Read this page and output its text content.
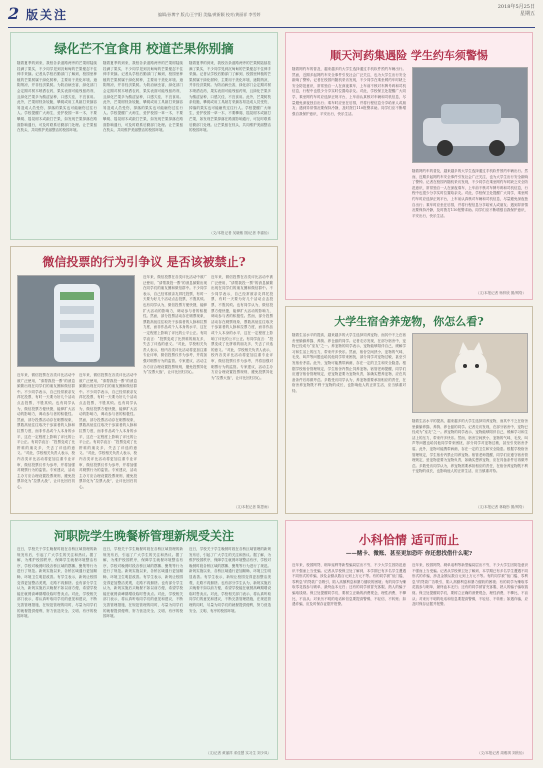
2 版关注	编辑/孙博宇 版式/王宇阳 美编/黄新颖 校对/黄丽祥 李雪婷
2018年5月25日
星期五
绿化芒不宜食用 校道芒果你别摘
随着夏季的到来，我校各条道路两旁的芒果树陆续挂满了果实，不少同学见到沉甸甸的芒果便忍不住伸手采摘。记者从学校后勤部门了解到，校园里种植的芒果树属于绿化树种，主要用于美化环境、遮阴纳凉，并非经济果树。为防治病虫害，绿化部门会定期对树木喷洒农药，果实表面可能残留药剂，且绿化芒果多为酸涩品种，口感欠佳，不宜食用。此外，芒果树枝条较脆，攀爬或用工具敲打采摘容易造成人员受伤，掉落的果实也可能砸伤过往行人。学校提醒广大师生，爱护校园一草一木，不要攀爬、摇晃树木或敲打芒果，如发现芒果掉落在路面影响通行，可及时联系后勤部门处理。让芒果留在枝头，共同维护美丽整洁的校园环境。
随着夏季的到来，我校各条道路两旁的芒果树陆续挂满了果实，不少同学见到沉甸甸的芒果便忍不住伸手采摘。记者从学校后勤部门了解到，校园里种植的芒果树属于绿化树种，主要用于美化环境、遮阴纳凉，并非经济果树。为防治病虫害，绿化部门会定期对树木喷洒农药，果实表面可能残留药剂，且绿化芒果多为酸涩品种，口感欠佳，不宜食用。此外，芒果树枝条较脆，攀爬或用工具敲打采摘容易造成人员受伤，掉落的果实也可能砸伤过往行人。学校提醒广大师生，爱护校园一草一木，不要攀爬、摇晃树木或敲打芒果，如发现芒果掉落在路面影响通行，可及时联系后勤部门处理。让芒果留在枝头，共同维护美丽整洁的校园环境。
随着夏季的到来，我校各条道路两旁的芒果树陆续挂满了果实，不少同学见到沉甸甸的芒果便忍不住伸手采摘。记者从学校后勤部门了解到，校园里种植的芒果树属于绿化树种，主要用于美化环境、遮阴纳凉，并非经济果树。为防治病虫害，绿化部门会定期对树木喷洒农药，果实表面可能残留药剂，且绿化芒果多为酸涩品种，口感欠佳，不宜食用。此外，芒果树枝条较脆，攀爬或用工具敲打采摘容易造成人员受伤，掉落的果实也可能砸伤过往行人。学校提醒广大师生，爱护校园一草一木，不要攀爬、摇晃树木或敲打芒果，如发现芒果掉落在路面影响通行，可及时联系后勤部门处理。让芒果留在枝头，共同维护美丽整洁的校园环境。
（文/本报记者 吴晓敏 图/记者 李嘉怡）
顺天河药集遇险 学生约车须警惕
随着网约车的普及，越来越多的大学生选择通过手机软件预约车辆出行。然而，近期多起网约车安全事件引发社会广泛关注，也为大学生出行安全敲响了警钟。记者在校园内随机采访发现，不少同学在乘坐网约车时缺乏安全防范意识，常常独自一人在深夜乘车，上车前不核对车牌号码和司机信息，行程中也很少分享实时位置给亲友。对此，学校保卫处提醒广大同学，乘坐网约车时应选择正规平台，上车前认真核对车辆和司机信息，尽量避免深夜独自出行；乘车时应坐在后排，并将行程信息分享给家人或朋友；遇到异常情况要保持冷静，及时拨打110报警求助。同学们应不断增强自我保护意识，平安出行，快乐生活。
随着网约车的普及，越来越多的大学生选择通过手机软件预约车辆出行。然而，近期多起网约车安全事件引发社会广泛关注，也为大学生出行安全敲响了警钟。记者在校园内随机采访发现，不少同学在乘坐网约车时缺乏安全防范意识，常常独自一人在深夜乘车，上车前不核对车牌号码和司机信息，行程中也很少分享实时位置给亲友。对此，学校保卫处提醒广大同学，乘坐网约车时应选择正规平台，上车前认真核对车辆和司机信息，尽量避免深夜独自出行；乘车时应坐在后排，并将行程信息分享给家人或朋友；遇到异常情况要保持冷静，及时拨打110报警求助。同学们应不断增强自我保护意识，平安出行，快乐生活。
（文/本报记者 杨梓欣 图/网络）
微信投票的行为引争议 是否该被禁止?
近年来，微信投票在各类评比活动中被广泛使用，“请帮我投一票”的消息频繁出现在同学们的朋友圈和微信群中。不少同学表示，自己经常被亲友拜托投票，有时一天要为好几个活动点击投票，不胜其烦。也有同学认为，微信投票方便快捷，能够扩大活动的影响力，调动参与者的积极性。然而，部分投票活动存在刷票现象，票数高低往往取决于参赛者的人脉和拉票力度，而非作品或个人本身的水平，这在一定程度上影响了评比的公平公正。有同学直言：“投票变成了比拼谁的朋友多，失去了评选的意义。”对此，学校相关负责人表示，校内各类评比活动将更加注重专业评审，微信投票仅作为参考，并将加强对刷票行为的监管。专家建议，活动主办方应合理设置投票规则，避免投票异化为“拉票大战”，让评比回归初心。
近年来，微信投票在各类评比活动中被广泛使用，“请帮我投一票”的消息频繁出现在同学们的朋友圈和微信群中。不少同学表示，自己经常被亲友拜托投票，有时一天要为好几个活动点击投票，不胜其烦。也有同学认为，微信投票方便快捷，能够扩大活动的影响力，调动参与者的积极性。然而，部分投票活动存在刷票现象，票数高低往往取决于参赛者的人脉和拉票力度，而非作品或个人本身的水平，这在一定程度上影响了评比的公平公正。有同学直言：“投票变成了比拼谁的朋友多，失去了评选的意义。”对此，学校相关负责人表示，校内各类评比活动将更加注重专业评审，微信投票仅作为参考，并将加强对刷票行为的监管。专家建议，活动主办方应合理设置投票规则，避免投票异化为“拉票大战”，让评比回归初心。
近年来，微信投票在各类评比活动中被广泛使用，“请帮我投一票”的消息频繁出现在同学们的朋友圈和微信群中。不少同学表示，自己经常被亲友拜托投票，有时一天要为好几个活动点击投票，不胜其烦。也有同学认为，微信投票方便快捷，能够扩大活动的影响力，调动参与者的积极性。然而，部分投票活动存在刷票现象，票数高低往往取决于参赛者的人脉和拉票力度，而非作品或个人本身的水平，这在一定程度上影响了评比的公平公正。有同学直言：“投票变成了比拼谁的朋友多，失去了评选的意义。”对此，学校相关负责人表示，校内各类评比活动将更加注重专业评审，微信投票仅作为参考，并将加强对刷票行为的监管。专家建议，活动主办方应合理设置投票规则，避免投票异化为“拉票大战”，让评比回归初心。
近年来，微信投票在各类评比活动中被广泛使用，“请帮我投一票”的消息频繁出现在同学们的朋友圈和微信群中。不少同学表示，自己经常被亲友拜托投票，有时一天要为好几个活动点击投票，不胜其烦。也有同学认为，微信投票方便快捷，能够扩大活动的影响力，调动参与者的积极性。然而，部分投票活动存在刷票现象，票数高低往往取决于参赛者的人脉和拉票力度，而非作品或个人本身的水平，这在一定程度上影响了评比的公平公正。有同学直言：“投票变成了比拼谁的朋友多，失去了评选的意义。”对此，学校相关负责人表示，校内各类评比活动将更加注重专业评审，微信投票仅作为参考，并将加强对刷票行为的监管。专家建议，活动主办方应合理设置投票规则，避免投票异化为“拉票大战”，让评比回归初心。
（文/本报记者 陈思雨）
大学生宿舍养宠物，你怎么看?
随着生活水平的提高，越来越多的大学生选择饲养宠物，而其中不乏在宿舍里偷偷养猫、养狗、养仓鼠的同学。记者走访发现，在部分宿舍中，宠物已经成为“室友”之一。养宠物的同学表示，宠物能够陪伴自己，缓解学习和生活上的压力，带来许多快乐。然而，宿舍空间狭小，宠物的气味、毛发、叫声等问题也给其他同学带来困扰，部分同学对宠物过敏，甚至引发宿舍矛盾。此外，宠物可能携带病菌，存在一定的卫生和安全隐患。根据学校宿舍管理规定，学生宿舍内禁止饲养宠物。宿管老师提醒，同学们应遵守宿舍管理规定，爱宠物更要为宠物负责，如确实想养宠物，应在具备条件后再做考虑。多数受访同学认为，养宠物需要承担相应的责任，在宿舍养宠物既不利于宠物的成长，也影响他人的正常生活，应当慎重对待。
随着生活水平的提高，越来越多的大学生选择饲养宠物，而其中不乏在宿舍里偷偷养猫、养狗、养仓鼠的同学。记者走访发现，在部分宿舍中，宠物已经成为“室友”之一。养宠物的同学表示，宠物能够陪伴自己，缓解学习和生活上的压力，带来许多快乐。然而，宿舍空间狭小，宠物的气味、毛发、叫声等问题也给其他同学带来困扰，部分同学对宠物过敏，甚至引发宿舍矛盾。此外，宠物可能携带病菌，存在一定的卫生和安全隐患。根据学校宿舍管理规定，学生宿舍内禁止饲养宠物。宿管老师提醒，同学们应遵守宿舍管理规定，爱宠物更要为宠物负责，如确实想养宠物，应在具备条件后再做考虑。多数受访同学认为，养宠物需要承担相应的责任，在宿舍养宠物既不利于宠物的成长，也影响他人的正常生活，应当慎重对待。
（文/本报记者 林晓彤 图/网络）
河职院学生晚餐桥管理新规受关注
近日，学校关于学生晚餐时段在各桥区域管理的新规发布后，引起了广大学生的关注和热议。据了解，为维护校园秩序，保障学生就餐环境整洁有序，学校对晚餐时段各桥区域的摆摊、聚集等行为进行了规范。新规实施以来，各桥区域通行更加顺畅，环境卫生明显改善。有学生表示，新规让校园变得更加整洁美观，走路不再拥挤。也有部分学生认为，新规实施后买晚餐不如以前方便，希望学校能在就餐高峰期增设临时售卖点。对此，学校相关部门表示，将认真听取同学们的意见和建议，不断完善管理措施，在规范管理的同时，尽量为同学们的就餐提供便利，努力营造安全、文明、有序的校园环境。
近日，学校关于学生晚餐时段在各桥区域管理的新规发布后，引起了广大学生的关注和热议。据了解，为维护校园秩序，保障学生就餐环境整洁有序，学校对晚餐时段各桥区域的摆摊、聚集等行为进行了规范。新规实施以来，各桥区域通行更加顺畅，环境卫生明显改善。有学生表示，新规让校园变得更加整洁美观，走路不再拥挤。也有部分学生认为，新规实施后买晚餐不如以前方便，希望学校能在就餐高峰期增设临时售卖点。对此，学校相关部门表示，将认真听取同学们的意见和建议，不断完善管理措施，在规范管理的同时，尽量为同学们的就餐提供便利，努力营造安全、文明、有序的校园环境。
近日，学校关于学生晚餐时段在各桥区域管理的新规发布后，引起了广大学生的关注和热议。据了解，为维护校园秩序，保障学生就餐环境整洁有序，学校对晚餐时段各桥区域的摆摊、聚集等行为进行了规范。新规实施以来，各桥区域通行更加顺畅，环境卫生明显改善。有学生表示，新规让校园变得更加整洁美观，走路不再拥挤。也有部分学生认为，新规实施后买晚餐不如以前方便，希望学校能在就餐高峰期增设临时售卖点。对此，学校相关部门表示，将认真听取同学们的意见和建议，不断完善管理措施，在规范管理的同时，尽量为同学们的就餐提供便利，努力营造安全、文明、有序的校园环境。
（文/记者 黄丽祥 邓佳慧 实习生 刘少凤）
小科恰情 适可而止
——赌卡、微账、甚至更加恐吓 你还想找借什么呢?
近年来，校园网贷、刷单返利等新型骗局层出不穷，不少大学生因防范意识不强而上当受骗。记者从学校保卫处了解到，本学期已有多名学生遭遇不同形式的诈骗，涉及金额从数百元到上万元不等。有的同学被“低门槛、零利息”的贷款广告吸引，陷入高额利息和暴力催收的困境；有的同学为赚取零花钱参与刷单，最终血本无归；还有的同学被冒充客服、熟人的骗子骗取钱财。保卫处提醒同学们，要树立正确的消费观念，理性消费，不攀比、不盲从；对来历不明的电话和信息要提高警惕，不轻信、不转账；如遇诈骗，应及时保存证据并报警。
近年来，校园网贷、刷单返利等新型骗局层出不穷，不少大学生因防范意识不强而上当受骗。记者从学校保卫处了解到，本学期已有多名学生遭遇不同形式的诈骗，涉及金额从数百元到上万元不等。有的同学被“低门槛、零利息”的贷款广告吸引，陷入高额利息和暴力催收的困境；有的同学为赚取零花钱参与刷单，最终血本无归；还有的同学被冒充客服、熟人的骗子骗取钱财。保卫处提醒同学们，要树立正确的消费观念，理性消费，不攀比、不盲从；对来历不明的电话和信息要提高警惕，不轻信、不转账；如遇诈骗，应及时保存证据并报警。
（文/本报记者 周雅琪 刘欣怡）
